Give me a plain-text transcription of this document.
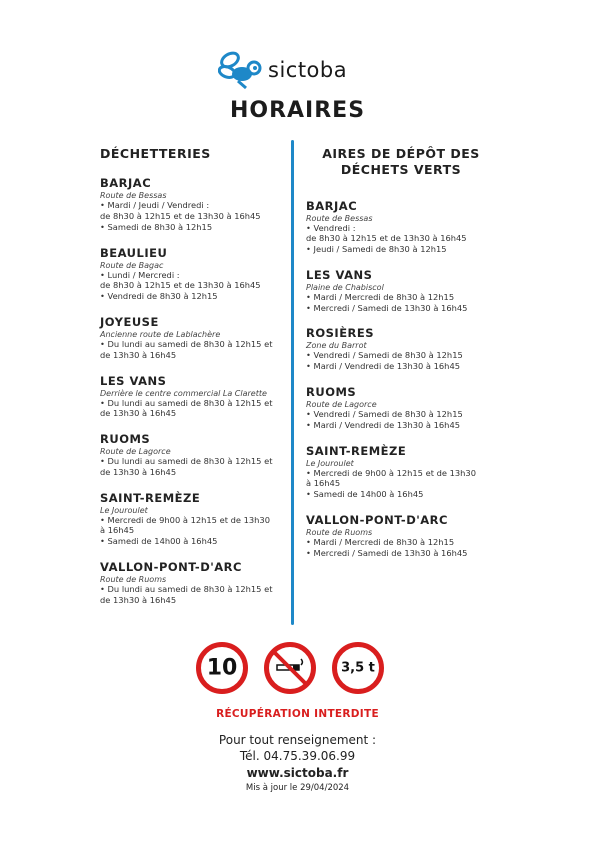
sictoba
HORAIRES
DÉCHETTERIES
BARJAC
Route de Bessas
• Mardi / Jeudi / Vendredi :
de 8h30 à 12h15 et de 13h30 à 16h45
• Samedi de 8h30 à 12h15
BEAULIEU
Route de Bagac
• Lundi / Mercredi :
de 8h30 à 12h15 et de 13h30 à 16h45
• Vendredi de 8h30 à 12h15
JOYEUSE
Ancienne route de Lablachère
• Du lundi au samedi de 8h30 à 12h15 et
de 13h30 à 16h45
LES VANS
Derrière le centre commercial La Clarette
• Du lundi au samedi de 8h30 à 12h15 et
de 13h30 à 16h45
RUOMS
Route de Lagorce
• Du lundi au samedi de 8h30 à 12h15 et
de 13h30 à 16h45
SAINT-REMÈZE
Le Jouroulet
• Mercredi de 9h00 à 12h15 et de 13h30
à 16h45
• Samedi de 14h00 à 16h45
VALLON-PONT-D'ARC
Route de Ruoms
• Du lundi au samedi de 8h30 à 12h15 et
de 13h30 à 16h45
AIRES DE DÉPÔT DES
DÉCHETS VERTS
BARJAC
Route de Bessas
• Vendredi :
de 8h30 à 12h15 et de 13h30 à 16h45
• Jeudi / Samedi de 8h30 à 12h15
LES VANS
Plaine de Chabiscol
• Mardi / Mercredi de 8h30 à 12h15
• Mercredi / Samedi de 13h30 à 16h45
ROSIÈRES
Zone du Barrot
• Vendredi / Samedi de 8h30 à 12h15
• Mardi / Vendredi de 13h30 à 16h45
RUOMS
Route de Lagorce
• Vendredi / Samedi de 8h30 à 12h15
• Mardi / Vendredi de 13h30 à 16h45
SAINT-REMÈZE
Le Jouroulet
• Mercredi de 9h00 à 12h15 et de 13h30
à 16h45
• Samedi de 14h00 à 16h45
VALLON-PONT-D'ARC
Route de Ruoms
• Mardi / Mercredi de 8h30 à 12h15
• Mercredi / Samedi de 13h30 à 16h45
10	3,5 t
RÉCUPÉRATION INTERDITE
Pour tout renseignement :
Tél. 04.75.39.06.99
www.sictoba.fr
Mis à jour le 29/04/2024
